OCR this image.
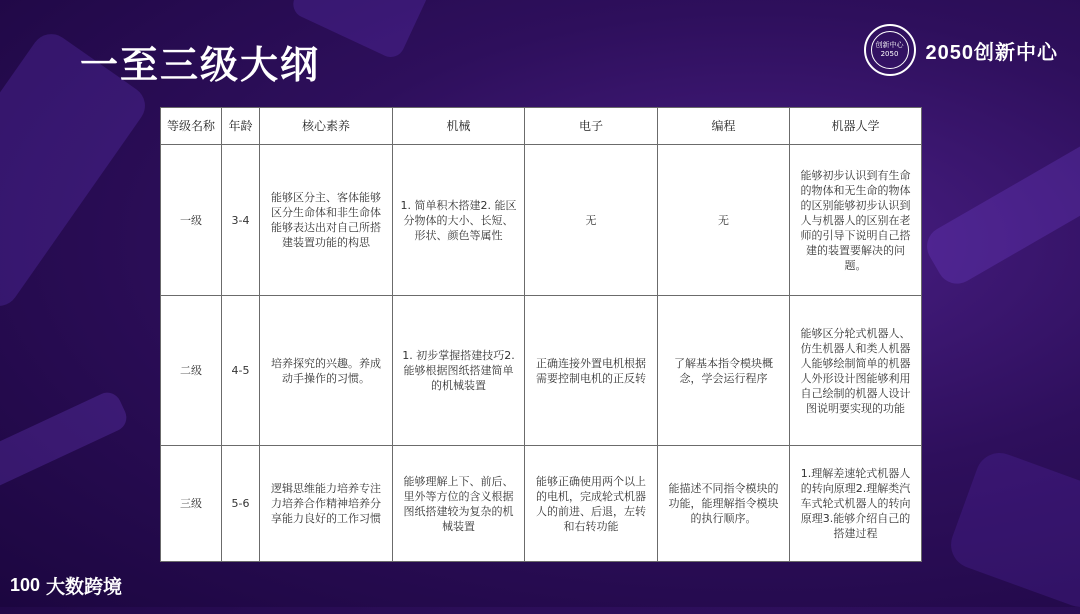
一至三级大纲	创新中心 2050	2050创新中心
等级名称	年龄	核心素养	机械	电子	编程	机器人学
一级	3-4	能够区分主、客体能够区分生命体和非生命体能够表达出对自己所搭建装置功能的构思	1. 简单积木搭建2. 能区分物体的大小、长短、形状、颜色等属性	无	无	能够初步认识到有生命的物体和无生命的物体的区别能够初步认识到人与机器人的区别在老师的引导下说明自己搭建的装置要解决的问题。
二级	4-5	培养探究的兴趣。养成动手操作的习惯。	1. 初步掌握搭建技巧2. 能够根据图纸搭建简单的机械装置	正确连接外置电机根据需要控制电机的正反转	了解基本指令模块概念，学会运行程序	能够区分轮式机器人、仿生机器人和类人机器人能够绘制简单的机器人外形设计图能够利用自己绘制的机器人设计图说明要实现的功能
三级	5-6	逻辑思维能力培养专注力培养合作精神培养分享能力良好的工作习惯	能够理解上下、前后、里外等方位的含义根据图纸搭建较为复杂的机械装置	能够正确使用两个以上的电机，完成轮式机器人的前进、后退，左转和右转功能	能描述不同指令模块的功能，能理解指令模块的执行顺序。	1.理解差速轮式机器人的转向原理2.理解类汽车式轮式机器人的转向原理3.能够介绍自己的搭建过程
100 大数跨境
